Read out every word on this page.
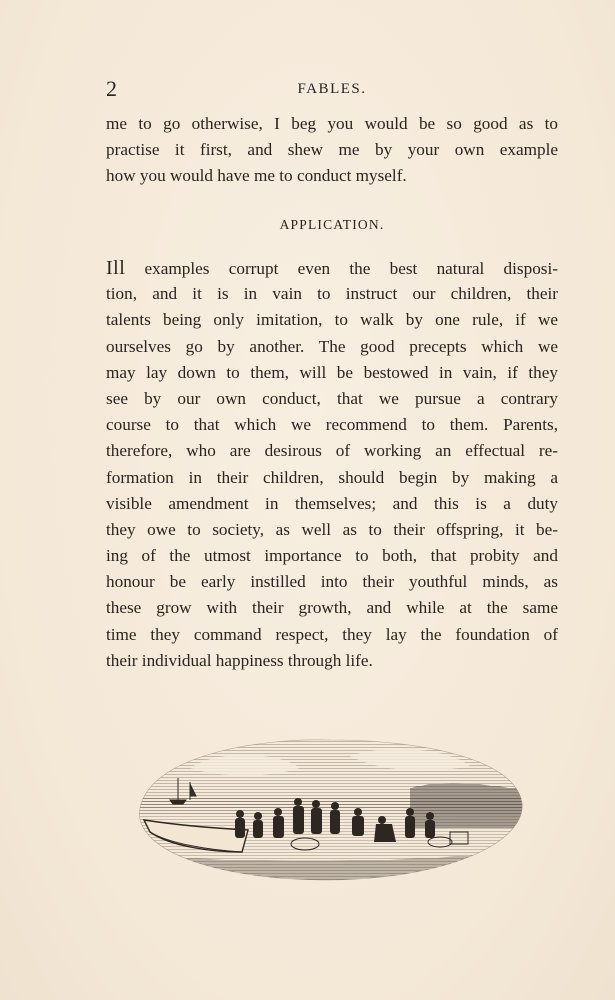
2	FABLES.
me to go otherwise, I beg you would be so good as to
practise it first, and shew me by your own example
how you would have me to conduct myself.
APPLICATION.
Ill examples corrupt even the best natural disposi-
tion, and it is in vain to instruct our children, their
talents being only imitation, to walk by one rule, if we
ourselves go by another. The good precepts which we
may lay down to them, will be bestowed in vain, if they
see by our own conduct, that we pursue a contrary
course to that which we recommend to them. Parents,
therefore, who are desirous of working an effectual re-
formation in their children, should begin by making a
visible amendment in themselves; and this is a duty
they owe to society, as well as to their offspring, it be-
ing of the utmost importance to both, that probity and
honour be early instilled into their youthful minds, as
these grow with their growth, and while at the same
time they command respect, they lay the foundation of
their individual happiness through life.
